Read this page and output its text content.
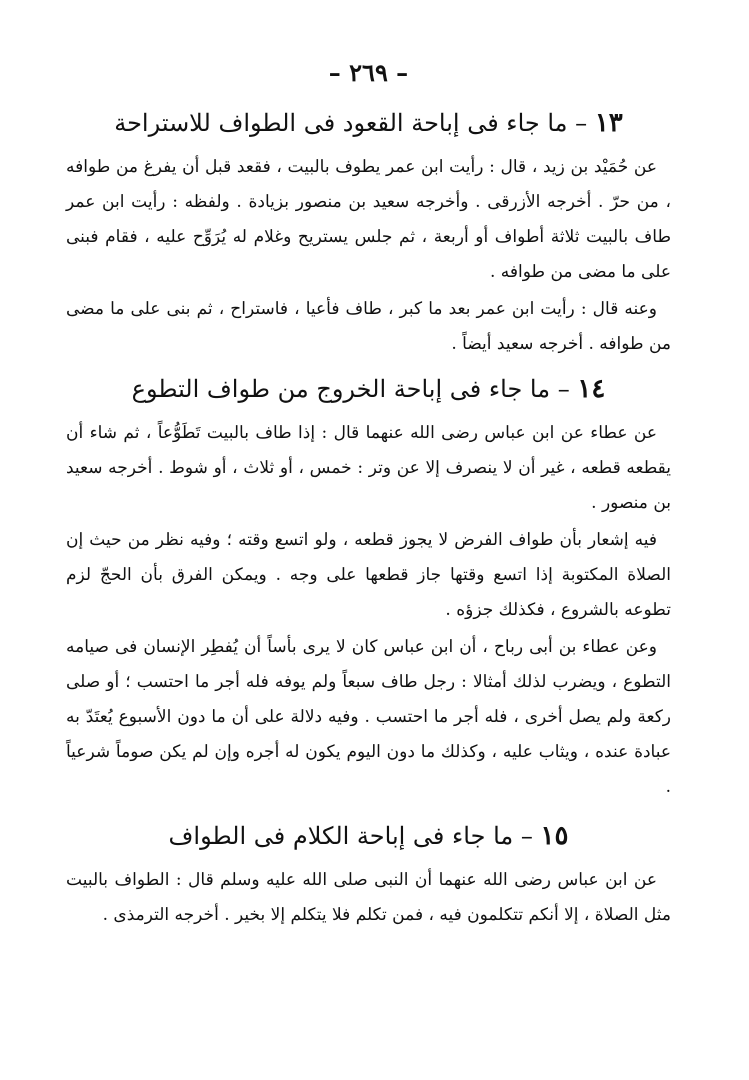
– ٢٦٩ –
١٣ – ما جاء فى إباحة القعود فى الطواف للاستراحة

عن حُمَيْد بن زيد ، قال : رأيت ابن عمر يطوف بالبيت ، فقعد قبل أن يفرغ من طوافه ، من حرّ . أخرجه الأزرقى . وأخرجه سعيد بن منصور بزيادة . ولفظه : رأيت ابن عمر طاف بالبيت ثلاثة أطواف أو أربعة ، ثم جلس يستريح وغلام له يُرَوِّح عليه ، فقام فبنى على ما مضى من طوافه .

وعنه قال : رأيت ابن عمر بعد ما كبر ، طاف فأعيا ، فاستراح ، ثم بنى على ما مضى من طوافه . أخرجه سعيد أيضاً .

١٤ – ما جاء فى إباحة الخروج من طواف التطوع

عن عطاء عن ابن عباس رضى الله عنهما قال : إذا طاف بالبيت تَطَوُّعاً ، ثم شاء أن يقطعه قطعه ، غير أن لا ينصرف إلا عن وتر : خمس ، أو ثلاث ، أو شوط . أخرجه سعيد بن منصور .

فيه إشعار بأن طواف الفرض لا يجوز قطعه ، ولو اتسع وقته ؛ وفيه نظر من حيث إن الصلاة المكتوبة إذا اتسع وقتها جاز قطعها على وجه . ويمكن الفرق بأن الحجّ لزم تطوعه بالشروع ، فكذلك جزؤه .

وعن عطاء بن أبى رباح ، أن ابن عباس كان لا يرى بأساً أن يُفطِر الإنسان فى صيامه التطوع ، ويضرب لذلك أمثالا : رجل طاف سبعاً ولم يوفه فله أجر ما احتسب ؛ أو صلى ركعة ولم يصل أخرى ، فله أجر ما احتسب . وفيه دلالة على أن ما دون الأسبوع يُعتَدّ به عبادة عنده ، ويثاب عليه ، وكذلك ما دون اليوم يكون له أجره وإن لم يكن صوماً شرعياً .

١٥ – ما جاء فى إباحة الكلام فى الطواف

عن ابن عباس رضى الله عنهما أن النبى صلى الله عليه وسلم قال : الطواف بالبيت مثل الصلاة ، إلا أنكم تتكلمون فيه ، فمن تكلم فلا يتكلم إلا بخير . أخرجه الترمذى .
